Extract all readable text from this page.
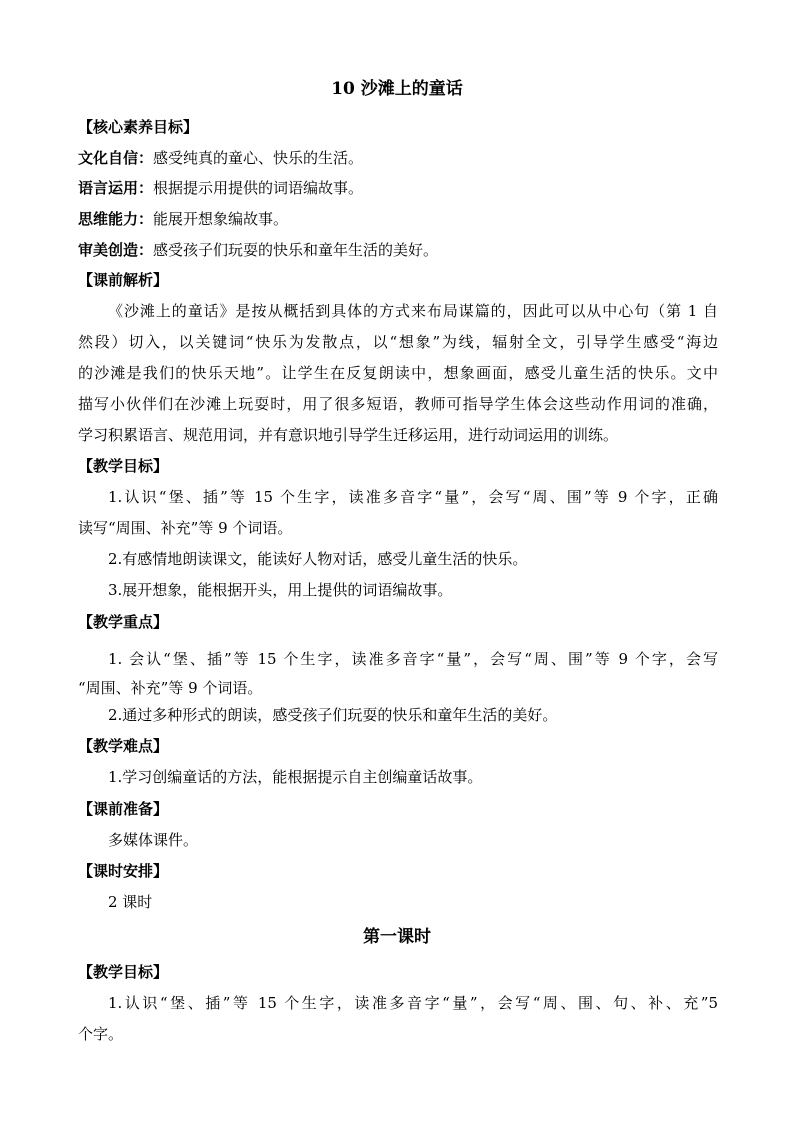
10 沙滩上的童话
【核心素养目标】
文化自信：感受纯真的童心、快乐的生活。
语言运用：根据提示用提供的词语编故事。
思维能力：能展开想象编故事。
审美创造：感受孩子们玩耍的快乐和童年生活的美好。
【课前解析】
《沙滩上的童话》是按从概括到具体的方式来布局谋篇的，因此可以从中心句（第 1 自
然段）切入，以关键词“快乐为发散点，以“想象”为线，辐射全文，引导学生感受“海边
的沙滩是我们的快乐天地”。让学生在反复朗读中，想象画面，感受儿童生活的快乐。文中
描写小伙伴们在沙滩上玩耍时，用了很多短语，教师可指导学生体会这些动作用词的准确，
学习积累语言、规范用词，并有意识地引导学生迁移运用，进行动词运用的训练。
【教学目标】
1.认识“堡、插”等 15 个生字，读准多音字“量”，会写“周、围”等 9 个字，正确
读写“周围、补充”等 9 个词语。
2.有感情地朗读课文，能读好人物对话，感受儿童生活的快乐。
3.展开想象，能根据开头，用上提供的词语编故事。
【教学重点】
1. 会认“堡、插”等 15 个生字，读准多音字“量”，会写“周、围”等 9 个字，会写
“周围、补充”等 9 个词语。
2.通过多种形式的朗读，感受孩子们玩耍的快乐和童年生活的美好。
【教学难点】
1.学习创编童话的方法，能根据提示自主创编童话故事。
【课前准备】
多媒体课件。
【课时安排】
2 课时
第一课时
【教学目标】
1.认识“堡、插”等 15 个生字，读准多音字“量”，会写“周、围、句、补、充”5
个字。
